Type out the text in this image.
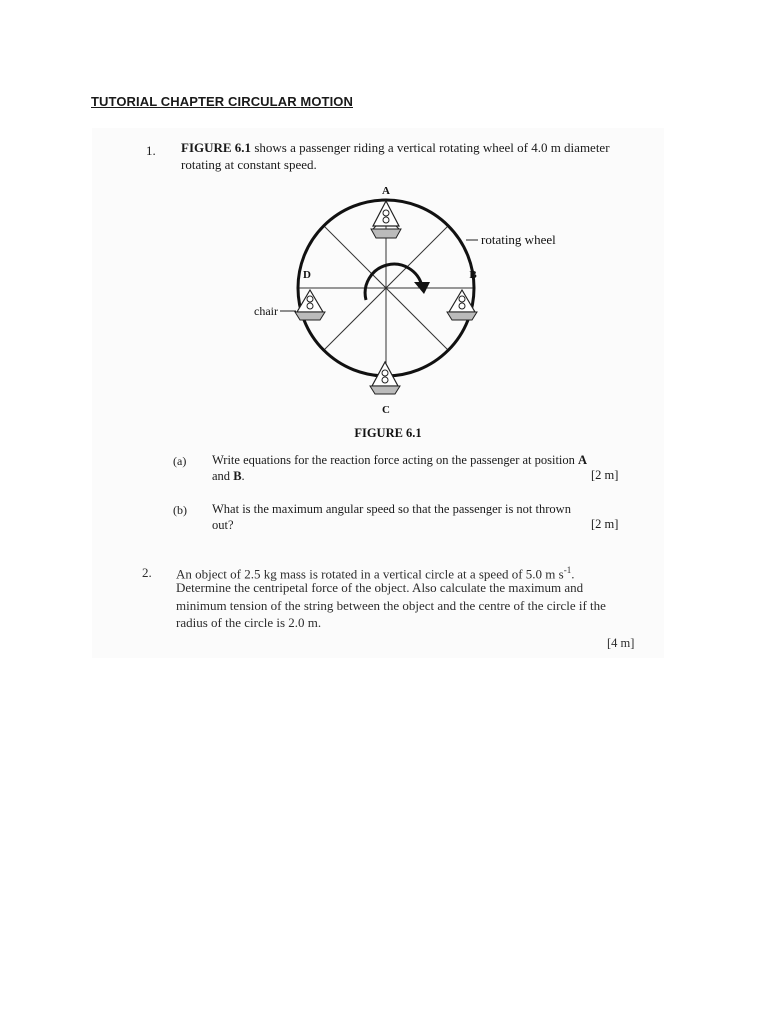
TUTORIAL CHAPTER CIRCULAR MOTION
1. FIGURE 6.1 shows a passenger riding a vertical rotating wheel of 4.0 m diameter
rotating at constant speed.
A
B
C
D
rotating wheel
chair
FIGURE 6.1
(a) Write equations for the reaction force acting on the passenger at position A
and B.	[2 m]
(b) What is the maximum angular speed so that the passenger is not thrown
out?	[2 m]
2. An object of 2.5 kg mass is rotated in a vertical circle at a speed of 5.0 m $s^{-1}$.
Determine the centripetal force of the object. Also calculate the maximum and
minimum tension of the string between the object and the centre of the circle if the
radius of the circle is 2.0 m.
[4 m]
